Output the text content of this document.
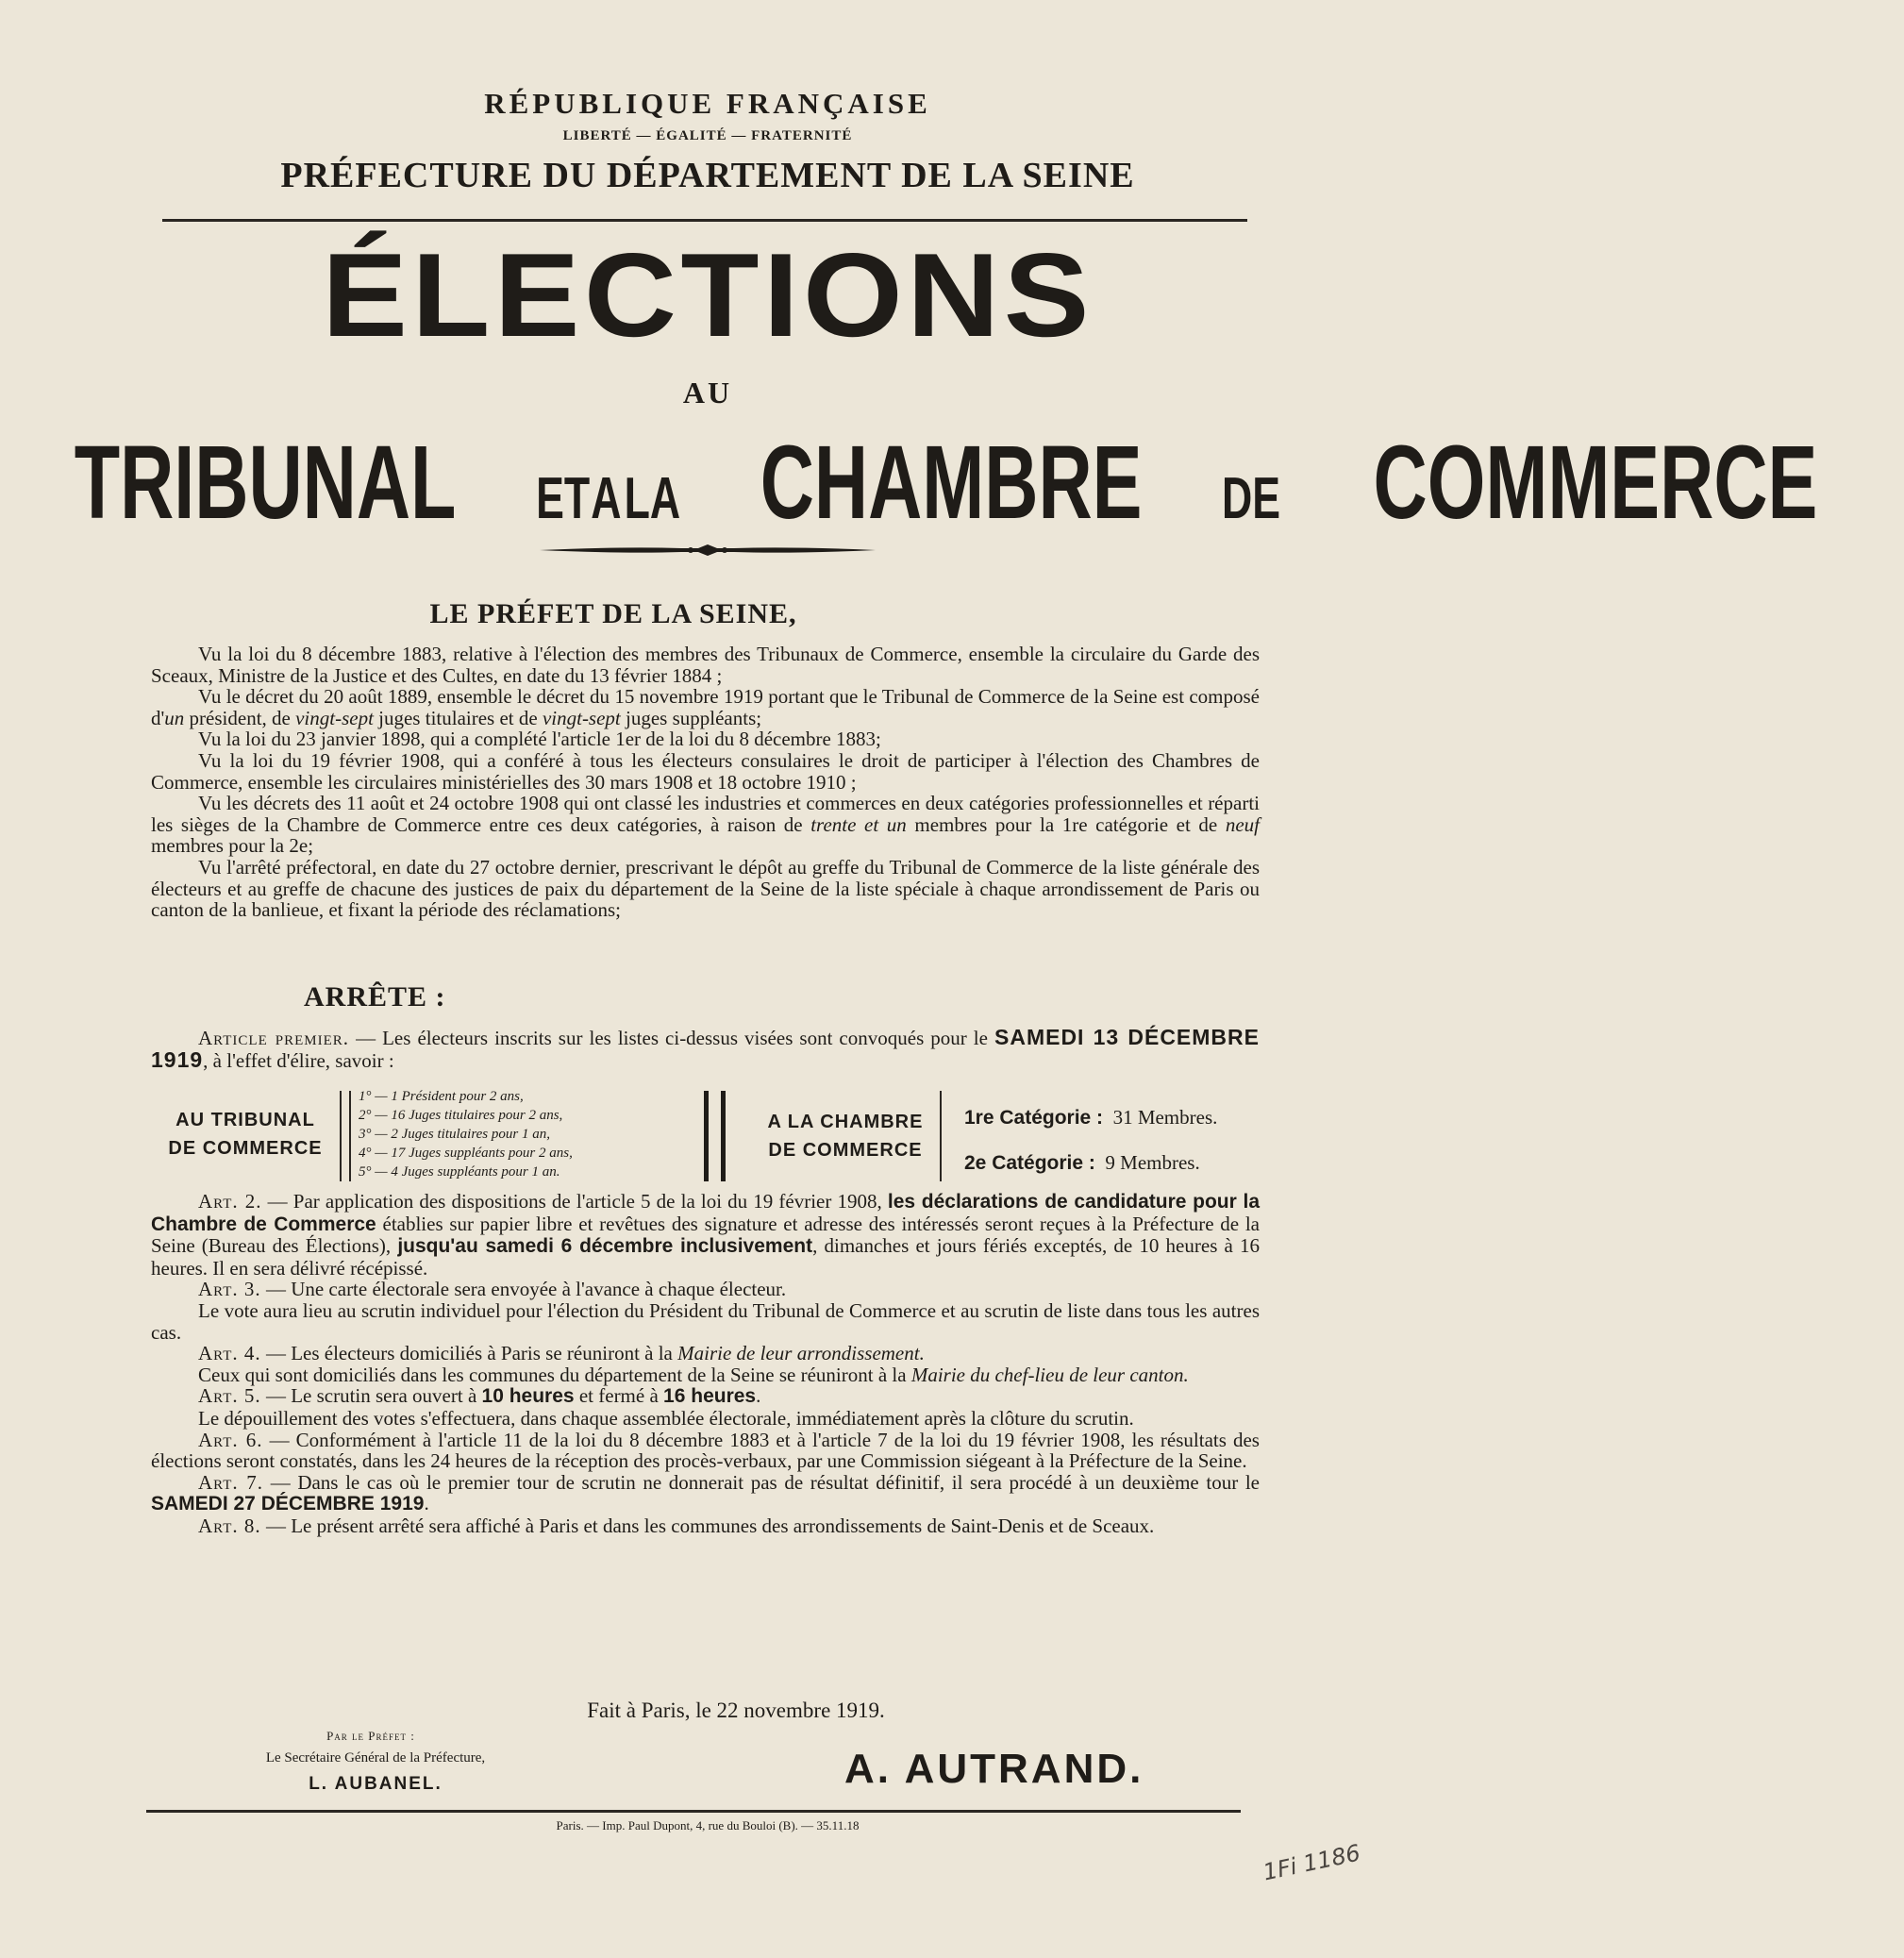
RÉPUBLIQUE FRANÇAISE
LIBERTÉ — ÉGALITÉ — FRATERNITÉ
PRÉFECTURE DU DÉPARTEMENT DE LA SEINE
ÉLECTIONS
AU
TRIBUNAL ET A LA CHAMBRE DE COMMERCE
LE PRÉFET DE LA SEINE,

Vu la loi du 8 décembre 1883, relative à l'élection des membres des Tribunaux de Commerce, ensemble la circulaire du Garde des Sceaux, Ministre de la Justice et des Cultes, en date du 13 février 1884 ;

Vu le décret du 20 août 1889, ensemble le décret du 15 novembre 1919 portant que le Tribunal de Commerce de la Seine est composé d'un président, de vingt-sept juges titulaires et de vingt-sept juges suppléants;

Vu la loi du 23 janvier 1898, qui a complété l'article 1er de la loi du 8 décembre 1883;

Vu la loi du 19 février 1908, qui a conféré à tous les électeurs consulaires le droit de participer à l'élection des Chambres de Commerce, ensemble les circulaires ministérielles des 30 mars 1908 et 18 octobre 1910 ;

Vu les décrets des 11 août et 24 octobre 1908 qui ont classé les industries et commerces en deux catégories professionnelles et réparti les sièges de la Chambre de Commerce entre ces deux catégories, à raison de trente et un membres pour la 1re catégorie et de neuf membres pour la 2e;

Vu l'arrêté préfectoral, en date du 27 octobre dernier, prescrivant le dépôt au greffe du Tribunal de Commerce de la liste générale des électeurs et au greffe de chacune des justices de paix du département de la Seine de la liste spéciale à chaque arrondissement de Paris ou canton de la banlieue, et fixant la période des réclamations;

ARRÊTE :

Article premier. — Les électeurs inscrits sur les listes ci-dessus visées sont convoqués pour le SAMEDI 13 DÉCEMBRE 1919, à l'effet d'élire, savoir :

AU TRIBUNAL
DE COMMERCE
1° — 1 Président pour 2 ans,
2° — 16 Juges titulaires pour 2 ans,
3° — 2 Juges titulaires pour 1 an,
4° — 17 Juges suppléants pour 2 ans,
5° — 4 Juges suppléants pour 1 an.
A LA CHAMBRE
DE COMMERCE
1re Catégorie : 31 Membres.
2e Catégorie : 9 Membres.

Art. 2. — Par application des dispositions de l'article 5 de la loi du 19 février 1908, les déclarations de candidature pour la Chambre de Commerce établies sur papier libre et revêtues des signature et adresse des intéressés seront reçues à la Préfecture de la Seine (Bureau des Élections), jusqu'au samedi 6 décembre inclusivement, dimanches et jours fériés exceptés, de 10 heures à 16 heures. Il en sera délivré récépissé.

Art. 3. — Une carte électorale sera envoyée à l'avance à chaque électeur.

Le vote aura lieu au scrutin individuel pour l'élection du Président du Tribunal de Commerce et au scrutin de liste dans tous les autres cas.

Art. 4. — Les électeurs domiciliés à Paris se réuniront à la Mairie de leur arrondissement.

Ceux qui sont domiciliés dans les communes du département de la Seine se réuniront à la Mairie du chef-lieu de leur canton.

Art. 5. — Le scrutin sera ouvert à 10 heures et fermé à 16 heures.

Le dépouillement des votes s'effectuera, dans chaque assemblée électorale, immédiatement après la clôture du scrutin.

Art. 6. — Conformément à l'article 11 de la loi du 8 décembre 1883 et à l'article 7 de la loi du 19 février 1908, les résultats des élections seront constatés, dans les 24 heures de la réception des procès-verbaux, par une Commission siégeant à la Préfecture de la Seine.

Art. 7. — Dans le cas où le premier tour de scrutin ne donnerait pas de résultat définitif, il sera procédé à un deuxième tour le SAMEDI 27 DÉCEMBRE 1919.

Art. 8. — Le présent arrêté sera affiché à Paris et dans les communes des arrondissements de Saint-Denis et de Sceaux.

Fait à Paris, le 22 novembre 1919.
Par le Préfet :
Le Secrétaire Général de la Préfecture,
L. AUBANEL.	A. AUTRAND.
Paris. — Imp. Paul Dupont, 4, rue du Bouloi (B). — 35.11.18
1Fi 1186
